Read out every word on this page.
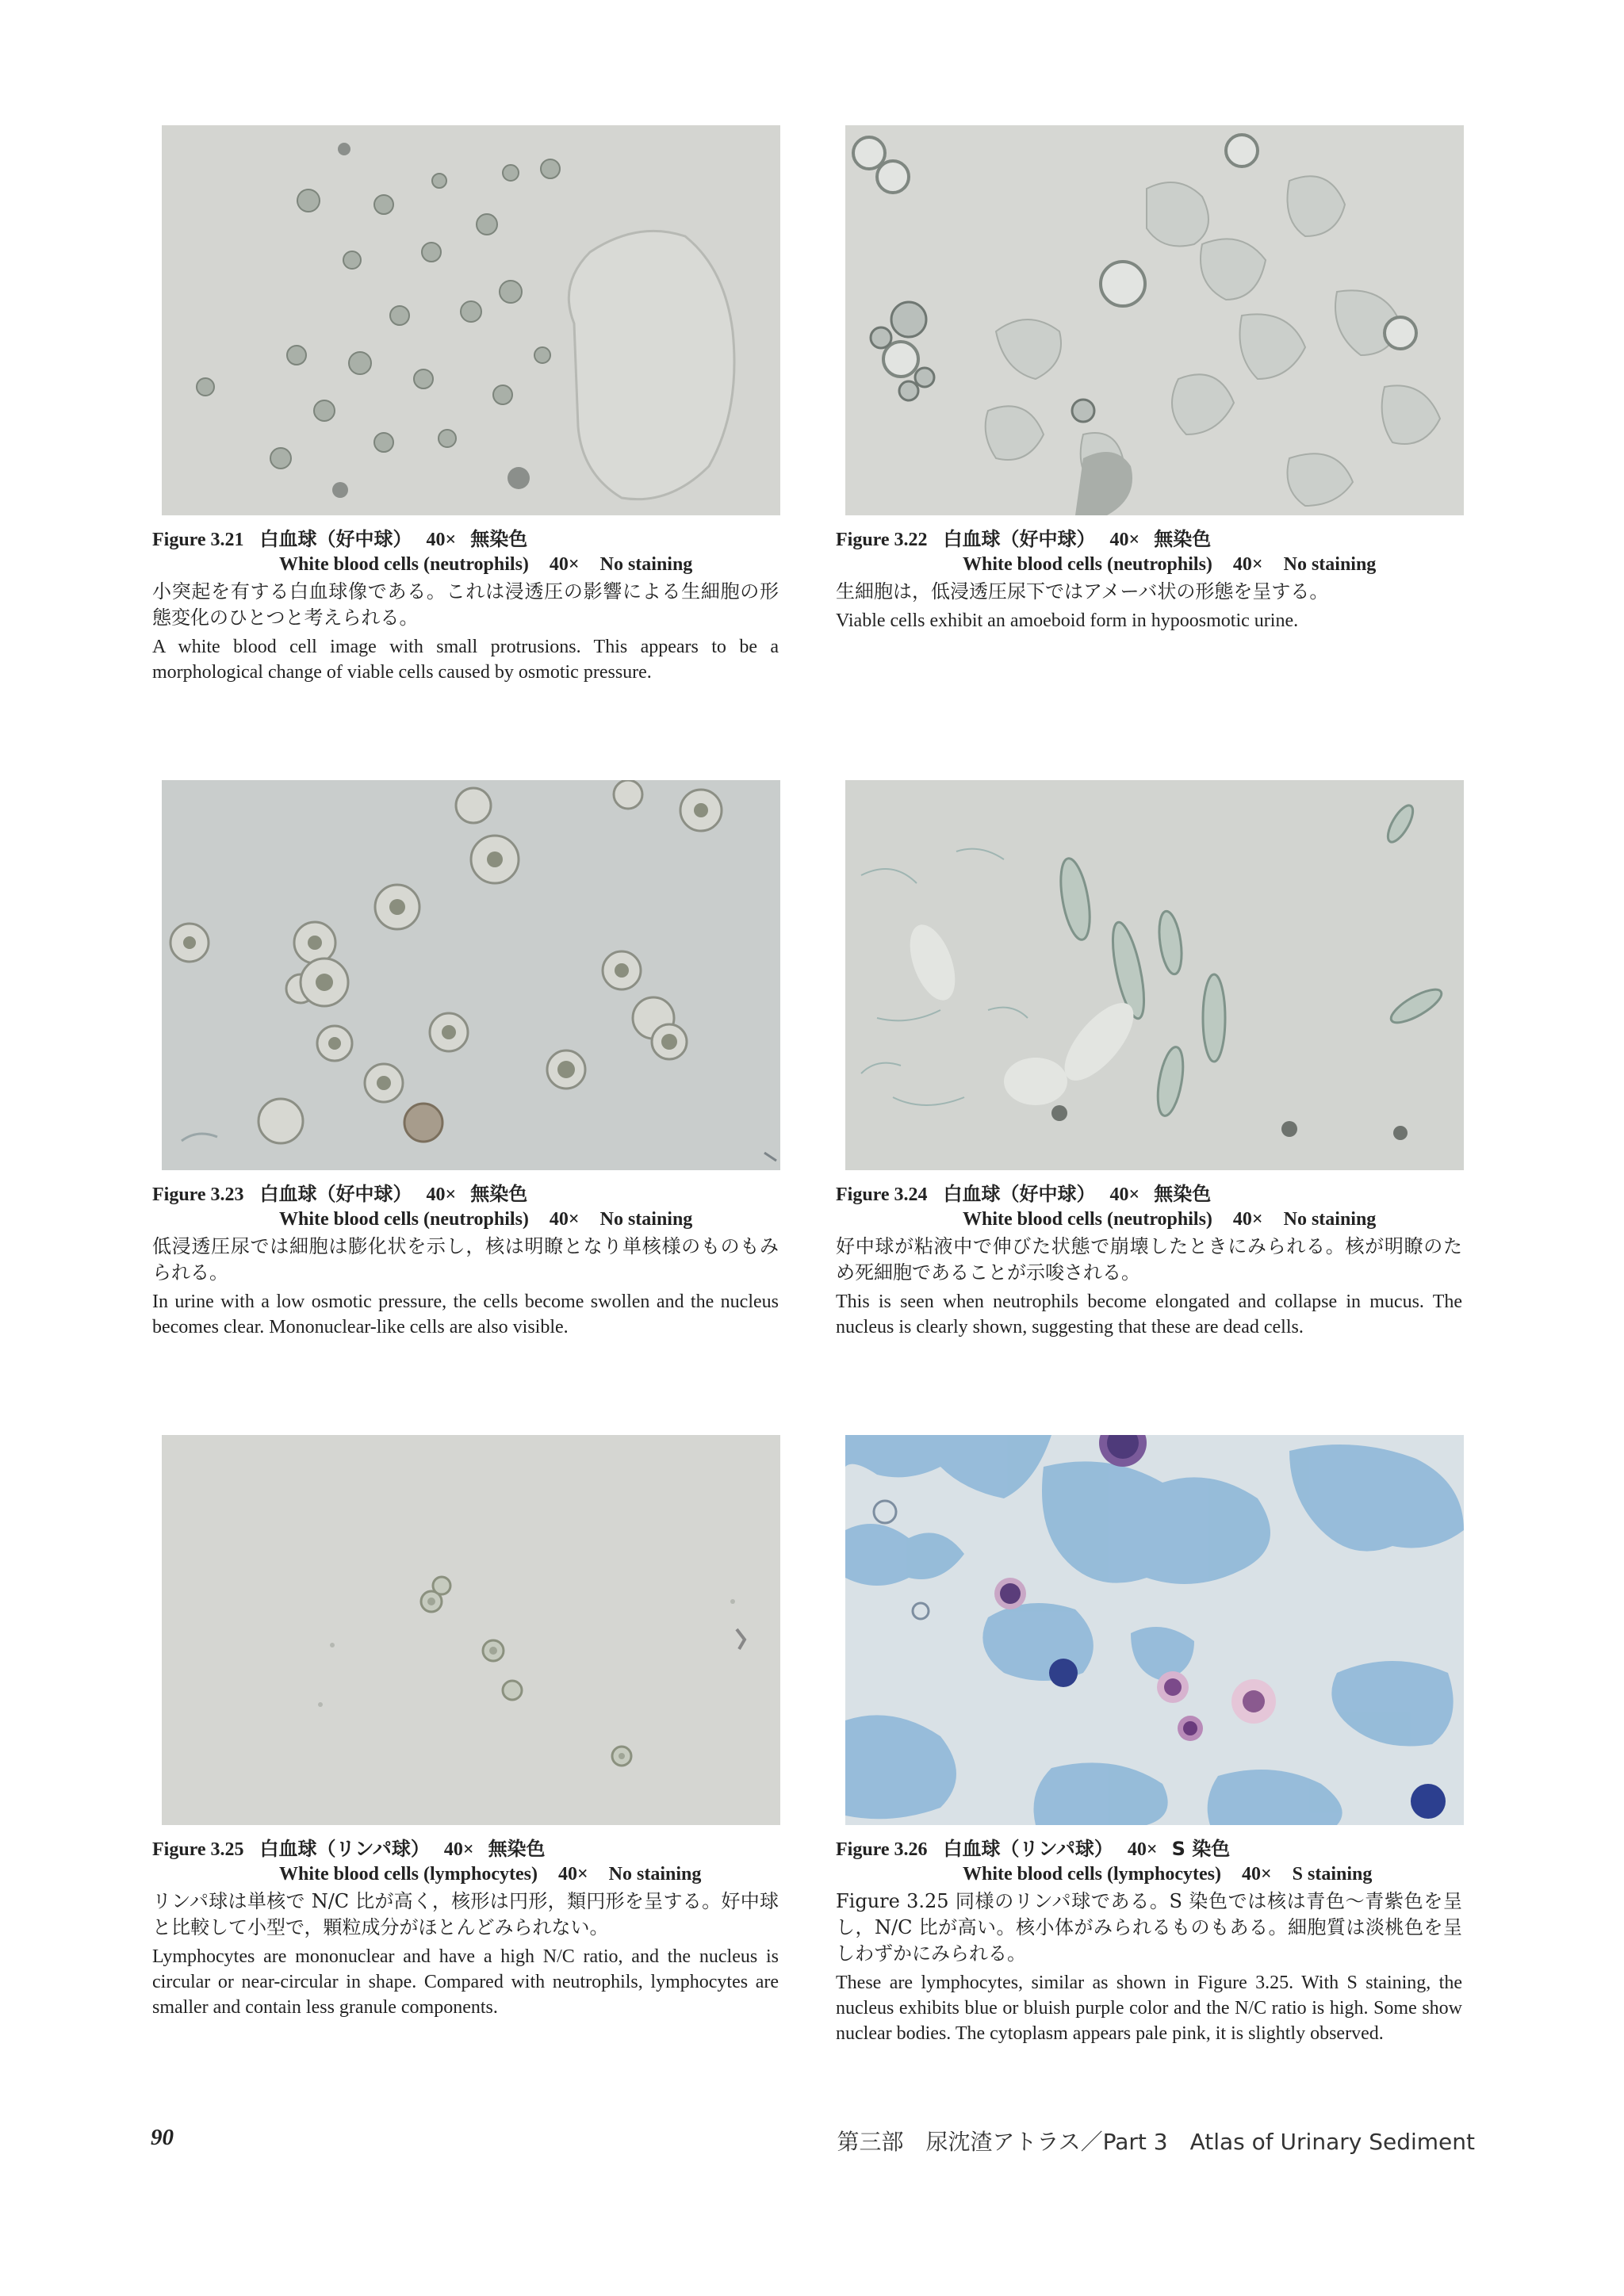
Figure 3.21 白血球（好中球） 40× 無染色
White blood cells (neutrophils) 40× No staining
小突起を有する白血球像である。これは浸透圧の影響による生細胞の形態変化のひとつと考えられる。
A white blood cell image with small protrusions. This appears to be a morphological change of viable cells caused by osmotic pressure.
Figure 3.22 白血球（好中球） 40× 無染色
White blood cells (neutrophils) 40× No staining
生細胞は，低浸透圧尿下ではアメーバ状の形態を呈する。
Viable cells exhibit an amoeboid form in hypoosmotic urine.
Figure 3.23 白血球（好中球） 40× 無染色
White blood cells (neutrophils) 40× No staining
低浸透圧尿では細胞は膨化状を示し，核は明瞭となり単核様のものもみられる。
In urine with a low osmotic pressure, the cells become swollen and the nucleus becomes clear. Mononuclear-like cells are also visible.
Figure 3.24 白血球（好中球） 40× 無染色
White blood cells (neutrophils) 40× No staining
好中球が粘液中で伸びた状態で崩壊したときにみられる。核が明瞭のため死細胞であることが示唆される。
This is seen when neutrophils become elongated and collapse in mucus. The nucleus is clearly shown, suggesting that these are dead cells.
Figure 3.25 白血球（リンパ球） 40× 無染色
White blood cells (lymphocytes) 40× No staining
リンパ球は単核で N/C 比が高く，核形は円形，類円形を呈する。好中球と比較して小型で，顆粒成分がほとんどみられない。
Lymphocytes are mononuclear and have a high N/C ratio, and the nucleus is circular or near-circular in shape. Compared with neutrophils, lymphocytes are smaller and contain less granule components.
Figure 3.26 白血球（リンパ球） 40× S 染色
White blood cells (lymphocytes) 40× S staining
Figure 3.25 同様のリンパ球である。S 染色では核は青色～青紫色を呈し，N/C 比が高い。核小体がみられるものもある。細胞質は淡桃色を呈しわずかにみられる。
These are lymphocytes, similar as shown in Figure 3.25. With S staining, the nucleus exhibits blue or bluish purple color and the N/C ratio is high. Some show nuclear bodies. The cytoplasm appears pale pink, it is slightly observed.
90	第三部　尿沈渣アトラス／Part 3　Atlas of Urinary Sediment
